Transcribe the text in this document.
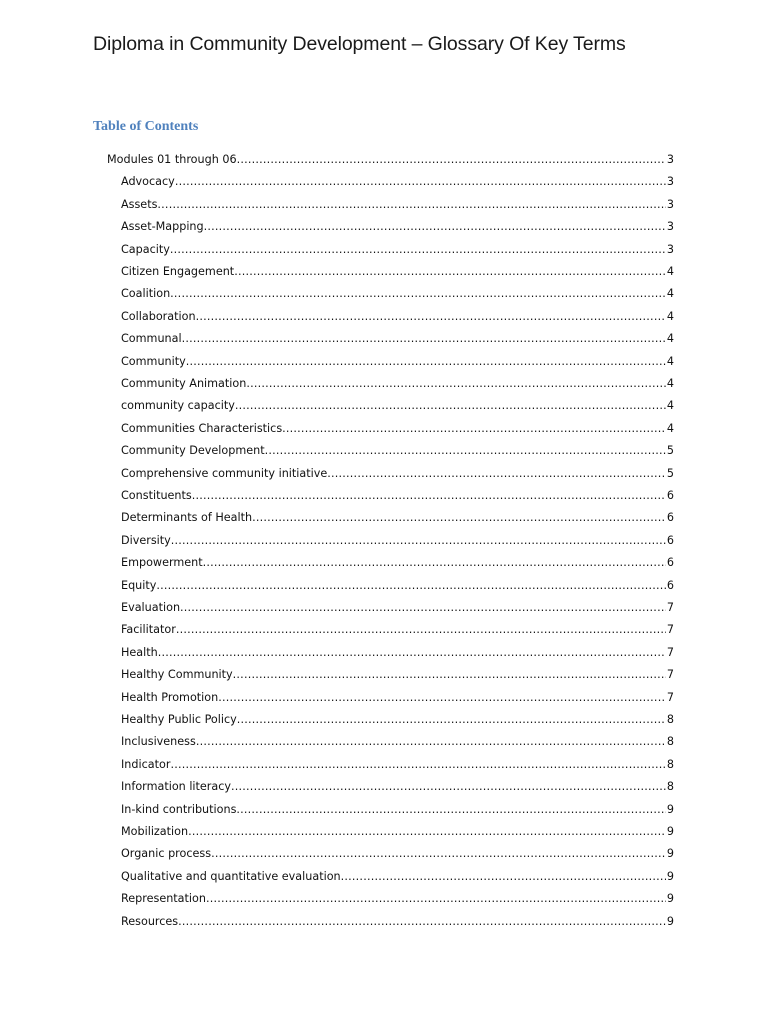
Diploma in Community Development – Glossary Of Key Terms
Table of Contents
Modules 01 through 06 .....	3
Advocacy .....	3
Assets .....	3
Asset-Mapping .....	3
Capacity .....	3
Citizen Engagement .....	4
Coalition .....	4
Collaboration .....	4
Communal .....	4
Community .....	4
Community Animation .....	4
community capacity .....	4
Communities Characteristics .....	4
Community Development .....	5
Comprehensive community initiative .....	5
Constituents .....	6
Determinants of Health .....	6
Diversity .....	6
Empowerment .....	6
Equity .....	6
Evaluation .....	7
Facilitator .....	7
Health .....	7
Healthy Community .....	7
Health Promotion .....	7
Healthy Public Policy .....	8
Inclusiveness .....	8
Indicator .....	8
Information literacy .....	8
In-kind contributions .....	9
Mobilization .....	9
Organic process .....	9
Qualitative and quantitative evaluation .....	9
Representation .....	9
Resources .....	9
